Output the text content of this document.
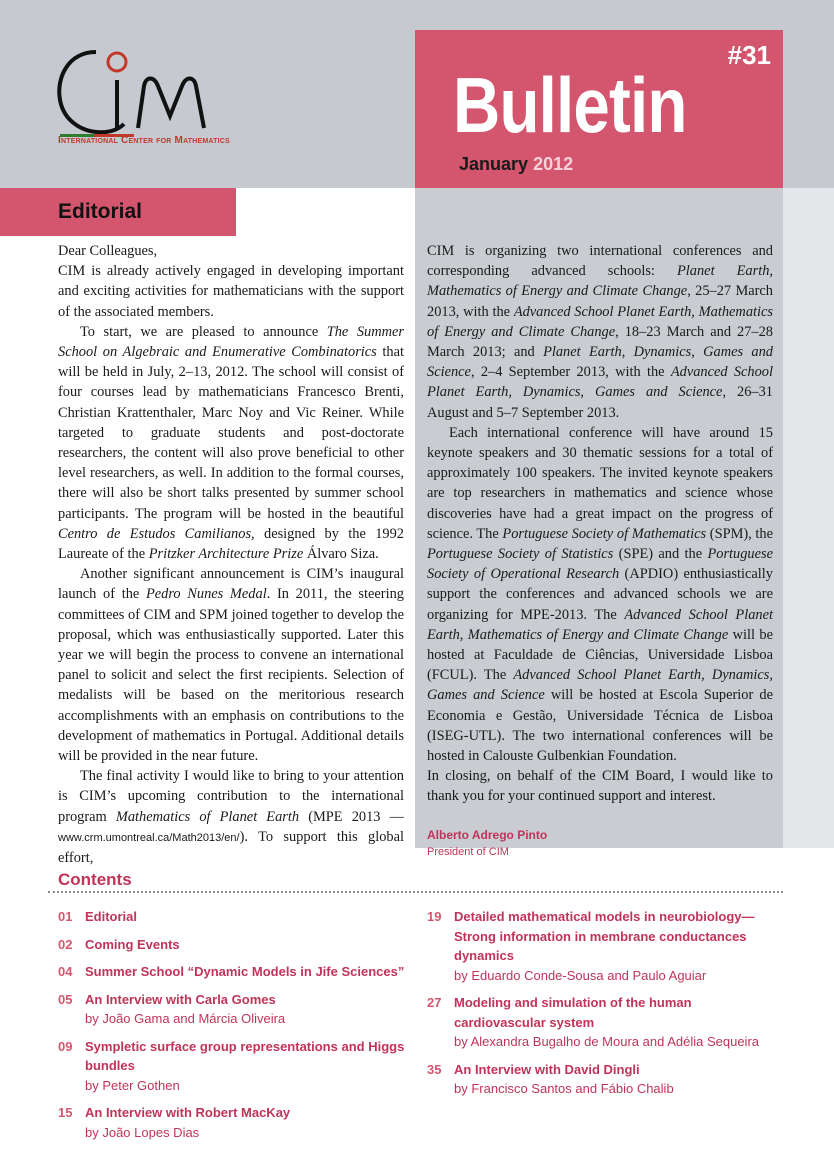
International Center for Mathematics
#31
Bulletin
January 2012
Editorial

Dear Colleagues,

CIM is already actively engaged in developing important and exciting activities for mathematicians with the support of the associated members.

To start, we are pleased to announce The Summer School on Algebraic and Enumerative Combinatorics that will be held in July, 2–13, 2012. The school will consist of four courses lead by mathematicians Francesco Brenti, Christian Krattenthaler, Marc Noy and Vic Reiner. While targeted to graduate students and post-doctorate researchers, the content will also prove beneficial to other level researchers, as well. In addition to the formal courses, there will also be short talks presented by summer school participants. The program will be hosted in the beautiful Centro de Estudos Camilianos, designed by the 1992 Laureate of the Pritzker Architecture Prize Álvaro Siza.

Another significant announcement is CIM’s inaugural launch of the Pedro Nunes Medal. In 2011, the steering committees of CIM and SPM joined together to develop the proposal, which was enthusiastically supported. Later this year we will begin the process to convene an international panel to solicit and select the first recipients. Selection of medalists will be based on the meritorious research accomplishments with an emphasis on contributions to the development of mathematics in Portugal. Additional details will be provided in the near future.

The final activity I would like to bring to your attention is CIM’s upcoming contribution to the international program Mathematics of Planet Earth (MPE 2013 — www.crm.umontreal.ca/Math2013/en/). To support this global effort,

CIM is organizing two international conferences and corresponding advanced schools: Planet Earth, Mathematics of Energy and Climate Change, 25–27 March 2013, with the Advanced School Planet Earth, Mathematics of Energy and Climate Change, 18–23 March and 27–28 March 2013; and Planet Earth, Dynamics, Games and Science, 2–4 September 2013, with the Advanced School Planet Earth, Dynamics, Games and Science, 26–31 August and 5–7 September 2013.

Each international conference will have around 15 keynote speakers and 30 thematic sessions for a total of approximately 100 speakers. The invited keynote speakers are top researchers in mathematics and science whose discoveries have had a great impact on the progress of science. The Portuguese Society of Mathematics (SPM), the Portuguese Society of Statistics (SPE) and the Portuguese Society of Operational Research (APDIO) enthusiastically support the conferences and advanced schools we are organizing for MPE-2013. The Advanced School Planet Earth, Mathematics of Energy and Climate Change will be hosted at Faculdade de Ciências, Universidade Lisboa (FCUL). The Advanced School Planet Earth, Dynamics, Games and Science will be hosted at Escola Superior de Economia e Gestão, Universidade Técnica de Lisboa (ISEG-UTL). The two international conferences will be hosted in Calouste Gulbenkian Foundation.

In closing, on behalf of the CIM Board, I would like to thank you for your continued support and interest.

Alberto Adrego Pinto
President of CIM
Contents
01 Editorial
02 Coming Events
04 Summer School “Dynamic Models in Jife Sciences”
05 An Interview with Carla Gomes
by João Gama and Márcia Oliveira
09 Sympletic surface group representations and Higgs bundles
by Peter Gothen
15 An Interview with Robert MacKay
by João Lopes Dias
19 Detailed mathematical models in neurobiology—Strong information in membrane conductances dynamics
by Eduardo Conde-Sousa and Paulo Aguiar
27 Modeling and simulation of the human cardiovascular system
by Alexandra Bugalho de Moura and Adélia Sequeira
35 An Interview with David Dingli
by Francisco Santos and Fábio Chalib
